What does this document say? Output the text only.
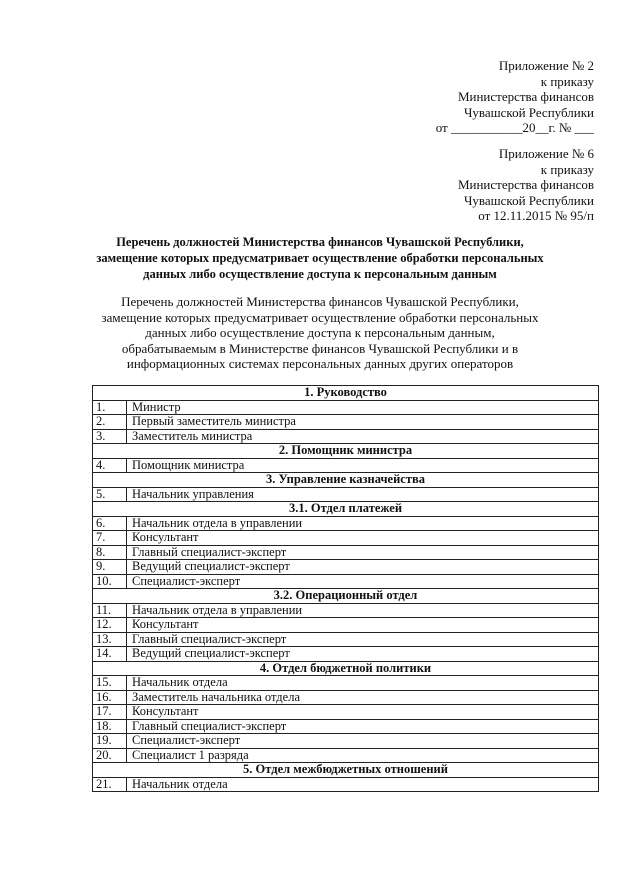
Приложение № 2
к приказу
Министерства финансов
Чувашской Республики
от ___________20__г. № ___
Приложение № 6
к приказу
Министерства финансов
Чувашской Республики
от 12.11.2015 № 95/п
Перечень должностей Министерства финансов Чувашской Республики,
замещение которых предусматривает осуществление обработки персональных
данных либо осуществление доступа к персональным данным
Перечень должностей Министерства финансов Чувашской Республики,
замещение которых предусматривает осуществление обработки персональных
данных либо осуществление доступа к персональным данным,
обрабатываемым в Министерстве финансов Чувашской Республики и в
информационных системах персональных данных других операторов
1. Руководство	
1.	Министр
2.	Первый заместитель министра
3.	Заместитель министра
2. Помощник министра	
4.	Помощник министра
3. Управление казначейства	
5.	Начальник управления
3.1. Отдел платежей	
6.	Начальник отдела в управлении
7.	Консультант
8.	Главный специалист-эксперт
9.	Ведущий специалист-эксперт
10.	Специалист-эксперт
3.2. Операционный отдел	
11.	Начальник отдела в управлении
12.	Консультант
13.	Главный специалист-эксперт
14.	Ведущий специалист-эксперт
4. Отдел бюджетной политики	
15.	Начальник отдела
16.	Заместитель начальника отдела
17.	Консультант
18.	Главный специалист-эксперт
19.	Специалист-эксперт
20.	Специалист 1 разряда
5. Отдел межбюджетных отношений	
21.	Начальник отдела
